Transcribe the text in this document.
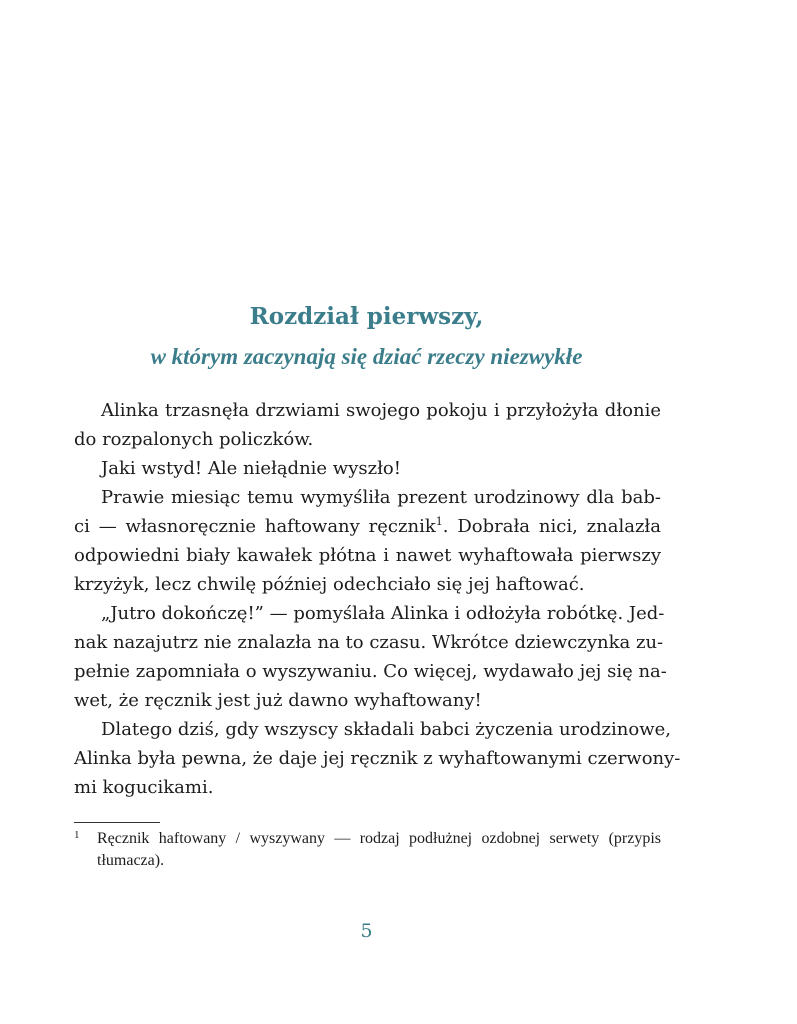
Rozdział pierwszy,
w którym zaczynają się dziać rzeczy niezwykłe
Alinka trzasnęła drzwiami swojego pokoju i przyłożyła dłonie
do rozpalonych policzków.
Jaki wstyd! Ale niełądnie wyszło!
Prawie miesiąc temu wymyśliła prezent urodzinowy dla bab-
ci — własnoręcznie haftowany ręcznik$^1$. Dobrała nici, znalazła
odpowiedni biały kawałek płótna i nawet wyhaftowała pierwszy
krzyżyk, lecz chwilę później odechciało się jej haftować.
„Jutro dokończę!” — pomyślała Alinka i odłożyła robótkę. Jed-
nak nazajutrz nie znalazła na to czasu. Wkrótce dziewczynka zu-
pełnie zapomniała o wyszywaniu. Co więcej, wydawało jej się na-
wet, że ręcznik jest już dawno wyhaftowany!
Dlatego dziś, gdy wszyscy składali babci życzenia urodzinowe,
Alinka była pewna, że daje jej ręcznik z wyhaftowanymi czerwony-
mi kogucikami.
1	Ręcznik haftowany / wyszywany — rodzaj podłużnej ozdobnej serwety (przypis
tłumacza).
5
